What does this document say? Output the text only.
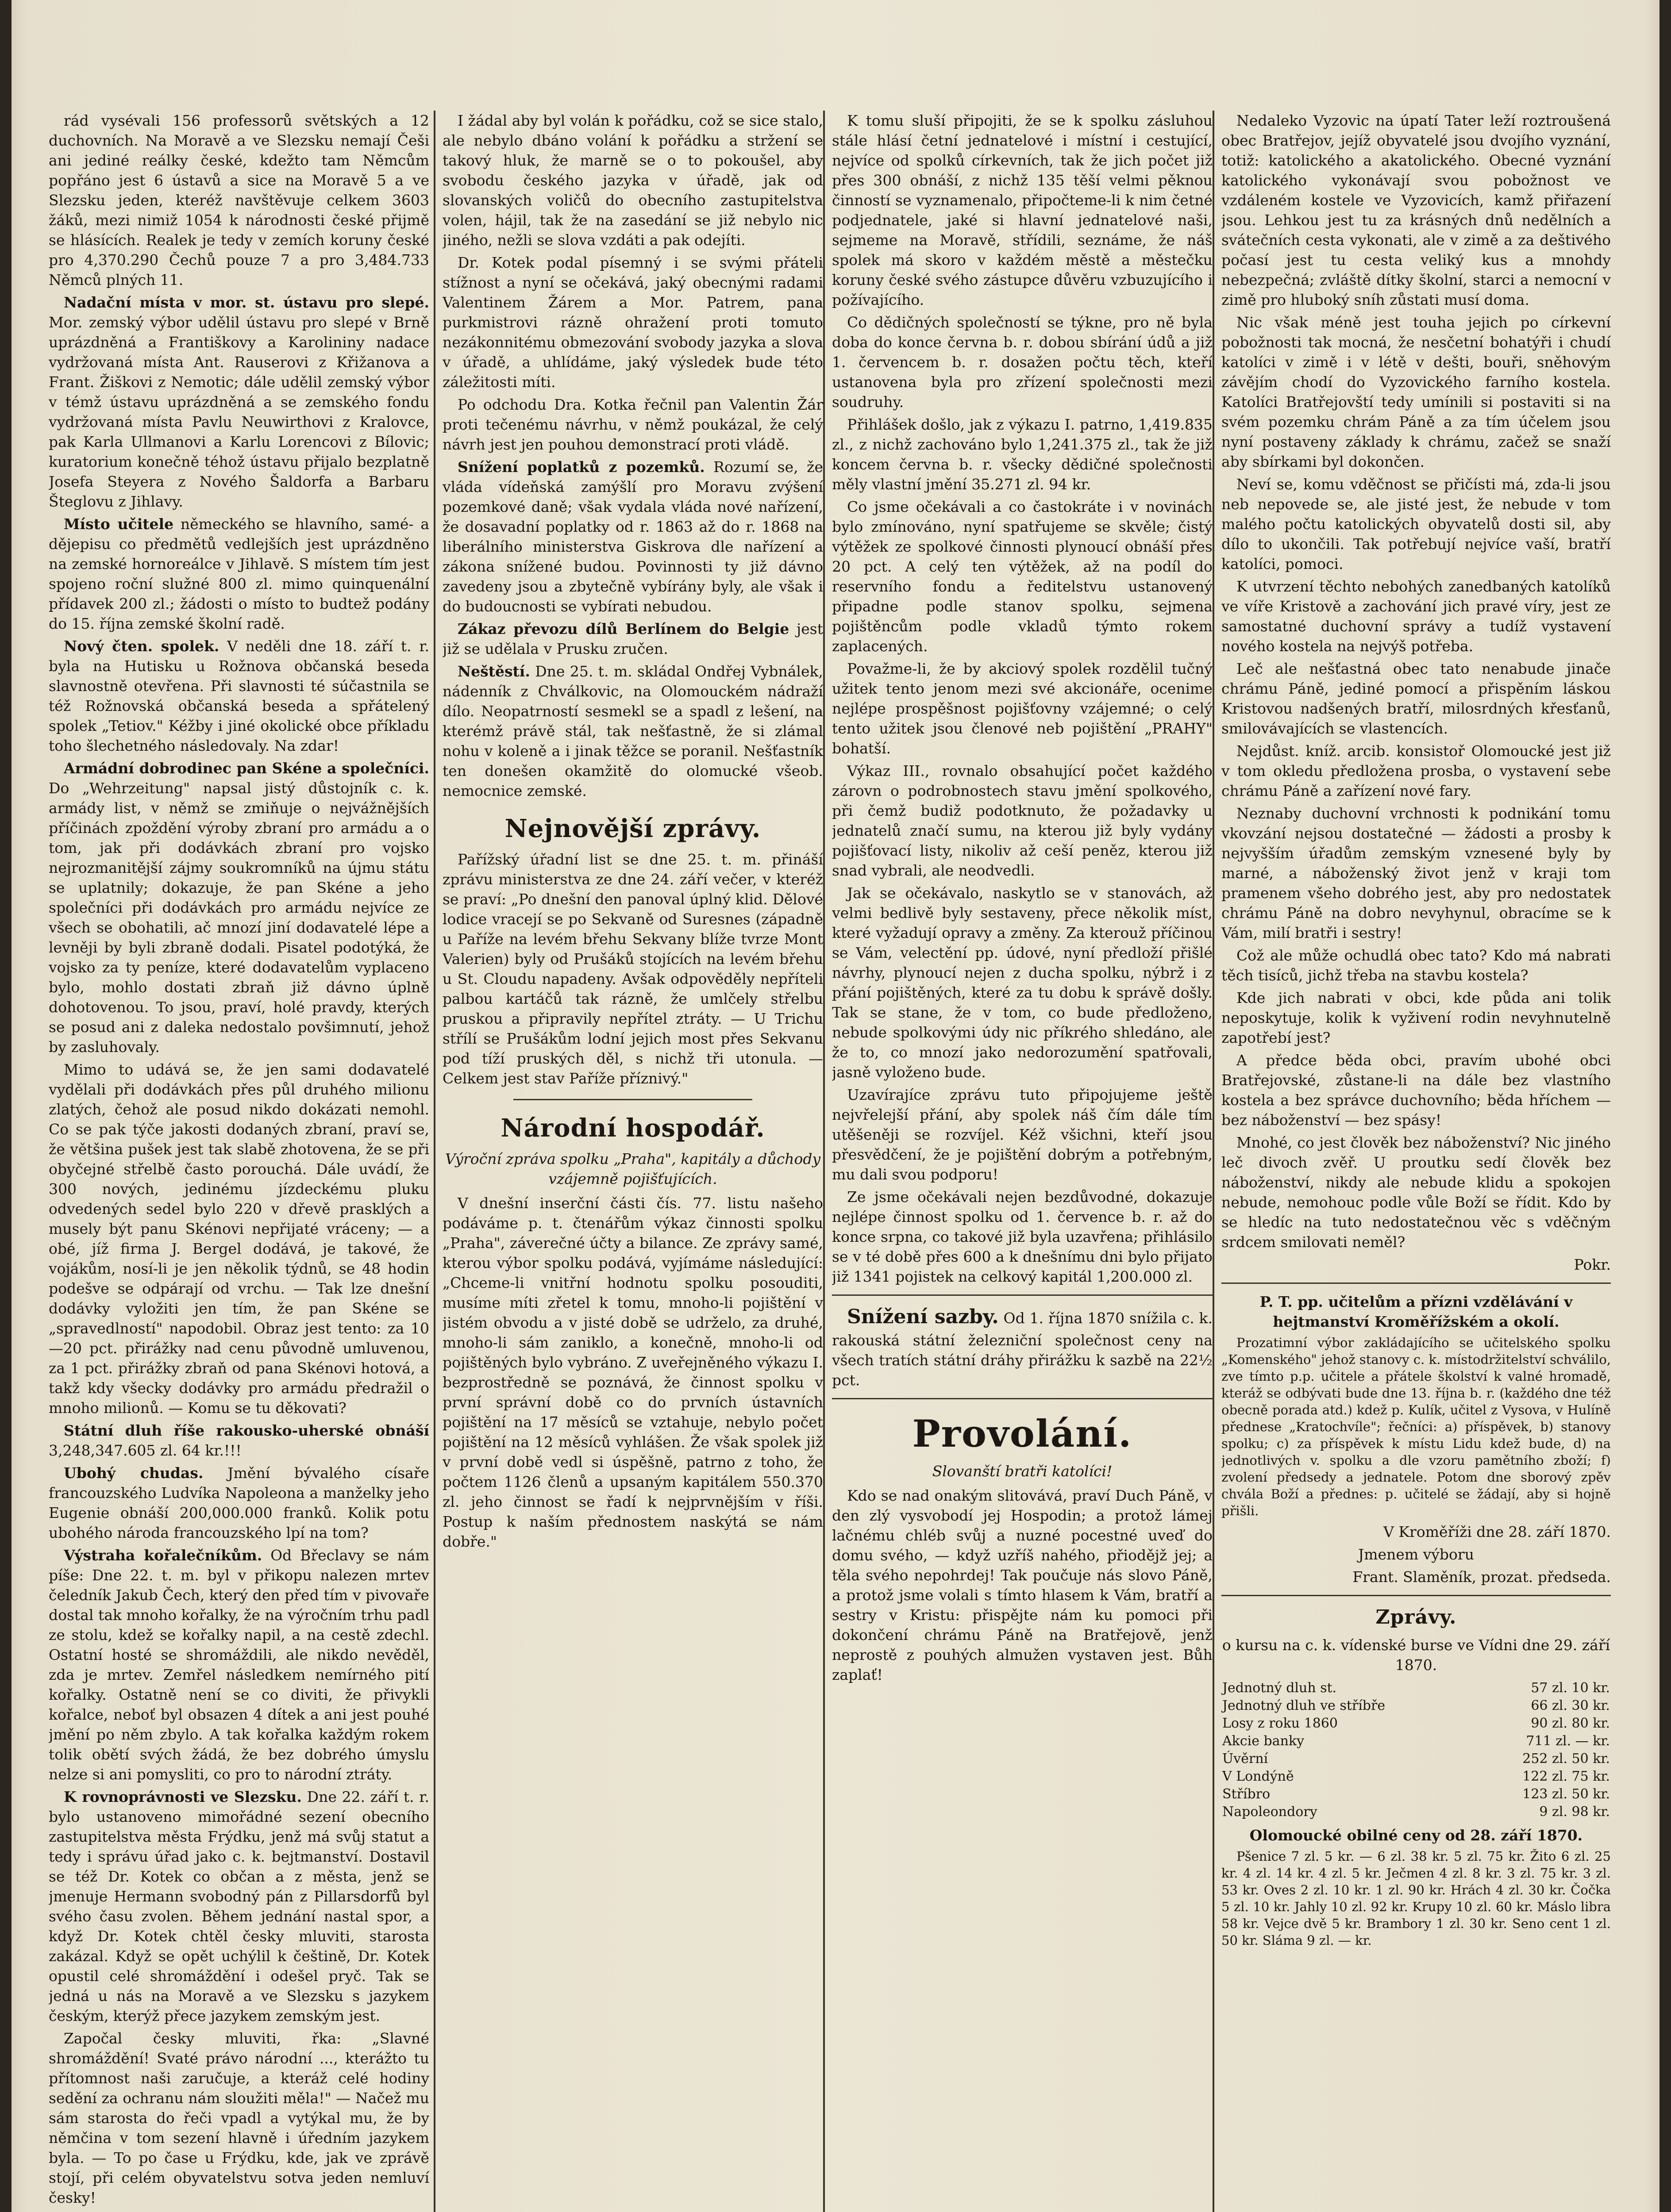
rád vysévali 156 professorů světských a 12 duchovních. Na Moravě a ve Slezsku nemají Češi ani jediné reálky české, kdežto tam Němcům popřáno jest 6 ústavů a sice na Moravě 5 a ve Slezsku jeden, kteréž navštěvuje celkem 3603 žáků, mezi nimiž 1054 k národnosti české přijmě se hlásících. Realek je tedy v zemích koruny české pro 4,370.290 Čechů pouze 7 a pro 3,484.733 Němců plných 11.

Nadační místa v mor. st. ústavu pro slepé. Mor. zemský výbor udělil ústavu pro slepé v Brně uprázdněná a Františkovy a Karolininy nadace vydržovaná místa Ant. Rauserovi z Křižanova a Frant. Žiškovi z Nemotic; dále udělil zemský výbor v témž ústavu uprázdněná a se zemského fondu vydržovaná místa Pavlu Neuwirthovi z Kralovce, pak Karla Ullmanovi a Karlu Lorencovi z Bílovic; kuratorium konečně téhož ústavu přijalo bezplatně Josefa Steyera z Nového Šaldorfa a Barbaru Šteglovu z Jihlavy.

Místo učitele německého se hlavního, samé- a dějepisu co předmětů vedlejších jest uprázdněno na zemské hornoreálce v Jihlavě. S místem tím jest spojeno roční služné 800 zl. mimo quinquenální přídavek 200 zl.; žádosti o místo to budtež podány do 15. října zemské školní radě.

Nový čten. spolek. V neděli dne 18. září t. r. byla na Hutisku u Rožnova občanská beseda slavnostně otevřena. Při slavnosti té súčastnila se též Rožnovská občanská beseda a spřátelený spolek „Tetiov." Kéžby i jiné okolické obce příkladu toho šlechetného následovaly. Na zdar!

Armádní dobrodinec pan Skéne a společníci. Do „Wehrzeitung" napsal jistý důstojník c. k. armády list, v němž se zmiňuje o nejvážnějších příčinách zpoždění výroby zbraní pro armádu a o tom, jak při dodávkách zbraní pro vojsko nejrozmanitější zájmy soukromníků na újmu státu se uplatnily; dokazuje, že pan Skéne a jeho společníci při dodávkách pro armádu nejvíce ze všech se obohatili, ač mnozí jiní dodavatelé lépe a levněji by byli zbraně dodali. Pisatel podotýká, že vojsko za ty peníze, které dodavatelům vyplaceno bylo, mohlo dostati zbraň již dávno úplně dohotovenou. To jsou, praví, holé pravdy, kterých se posud ani z daleka nedostalo povšimnutí, jehož by zasluhovaly.

Mimo to udává se, že jen sami dodavatelé vydělali při dodávkách přes půl druhého milionu zlatých, čehož ale posud nikdo dokázati nemohl. Co se pak týče jakosti dodaných zbraní, praví se, že většina pušek jest tak slabě zhotovena, že se při obyčejné střelbě často porouchá. Dále uvádí, že 300 nových, jedinému jízdeckému pluku odvedených sedel bylo 220 v dřevě prasklých a musely být panu Skénovi nepřijaté vráceny; — a obé, jíž firma J. Bergel dodává, je takové, že vojákům, nosí-li je jen několik týdnů, se 48 hodin podešve se odpárají od vrchu. — Tak lze dnešní dodávky vyložiti jen tím, že pan Skéne se „spravedlností" napodobil. Obraz jest tento: za 10—20 pct. přirážky nad cenu původně umluvenou, za 1 pct. přirážky zbraň od pana Skénovi hotová, a takž kdy všecky dodávky pro armádu předražil o mnoho milionů. — Komu se tu děkovati?

Státní dluh říše rakousko-uherské obnáší 3,248,347.605 zl. 64 kr.!!!

Ubohý chudas. Jmění bývalého císaře francouzského Ludvíka Napoleona a manželky jeho Eugenie obnáší 200,000.000 franků. Kolik potu ubohého národa francouzského lpí na tom?

Výstraha kořalečníkům. Od Břeclavy se nám píše: Dne 22. t. m. byl v přikopu nalezen mrtev čeledník Jakub Čech, který den před tím v pivovaře dostal tak mnoho kořalky, že na výročním trhu padl ze stolu, kdež se kořalky napil, a na cestě zdechl. Ostatní hosté se shromáždili, ale nikdo nevěděl, zda je mrtev. Zemřel následkem nemírného pití kořalky. Ostatně není se co diviti, že přivykli kořalce, neboť byl obsazen 4 dítek a ani jest pouhé jmění po něm zbylo. A tak kořalka každým rokem tolik obětí svých žádá, že bez dobrého úmyslu nelze si ani pomysliti, co pro to národní ztráty.

K rovnoprávnosti ve Slezsku. Dne 22. září t. r. bylo ustanoveno mimořádné sezení obecního zastupitelstva města Frýdku, jenž má svůj statut a tedy i správu úřad jako c. k. bejtmanství. Dostavil se též Dr. Kotek co občan a z města, jenž se jmenuje Hermann svobodný pán z Pillarsdorfů byl svého času zvolen. Během jednání nastal spor, a když Dr. Kotek chtěl česky mluviti, starosta zakázal. Když se opět uchýlil k češtině, Dr. Kotek opustil celé shromáždění i odešel pryč. Tak se jedná u nás na Moravě a ve Slezsku s jazykem českým, kterýž přece jazykem zemským jest.

Započal česky mluviti, řka: „Slavné shromáždění! Svaté právo národní ..., kterážto tu přítomnost naši zaručuje, a kteráž celé hodiny sedění za ochranu nám sloužiti měla!" — Načež mu sám starosta do řeči vpadl a vytýkal mu, že by němčina v tom sezení hlavně i úředním jazykem byla. — To po čase u Frýdku, kde, jak ve zprávě stojí, při celém obyvatelstvu sotva jeden nemluví česky!

I žádal aby byl volán k pořádku, což se sice stalo, ale nebylo dbáno volání k pořádku a stržení se takový hluk, že marně se o to pokoušel, aby svobodu českého jazyka v úřadě, jak od slovanských voličů do obecního zastupitelstva volen, hájil, tak že na zasedání se již nebylo nic jiného, nežli se slova vzdáti a pak odejíti.

Dr. Kotek podal písemný i se svými přáteli stížnost a nyní se očekává, jaký obecnými radami Valentinem Žárem a Mor. Patrem, pana purkmistrovi rázně ohražení proti tomuto nezákonnitému obmezování svobody jazyka a slova v úřadě, a uhlídáme, jaký výsledek bude této záležitosti míti.

Po odchodu Dra. Kotka řečnil pan Valentin Žár proti tečenému návrhu, v němž poukázal, že celý návrh jest jen pouhou demonstrací proti vládě.

Snížení poplatků z pozemků. Rozumí se, že vláda vídeňská zamýšlí pro Moravu zvýšení pozemkové daně; však vydala vláda nové nařízení, že dosavadní poplatky od r. 1863 až do r. 1868 na liberálního ministerstva Giskrova dle nařízení a zákona snížené budou. Povinnosti ty již dávno zavedeny jsou a zbytečně vybírány byly, ale však i do budoucnosti se vybírati nebudou.

Zákaz převozu dílů Berlínem do Belgie jest již se udělala v Prusku zručen.

Neštěstí. Dne 25. t. m. skládal Ondřej Vybnálek, nádenník z Chválkovic, na Olomouckém nádraží dílo. Neopatrností sesmekl se a spadl z lešení, na kterémž právě stál, tak nešťastně, že si zlámal nohu v koleně a i jinak těžce se poranil. Nešťastník ten donešen okamžitě do olomucké všeob. nemocnice zemské.

Nejnovější zprávy.

Pařížský úřadní list se dne 25. t. m. přináší zprávu ministerstva ze dne 24. září večer, v kteréž se praví: „Po dnešní den panoval úplný klid. Dělové lodice vracejí se po Sekvaně od Suresnes (západně u Paříže na levém břehu Sekvany blíže tvrze Mont Valerien) byly od Prušáků stojících na levém břehu u St. Cloudu napadeny. Avšak odpověděly nepříteli palbou kartáčů tak rázně, že umlčely střelbu pruskou a připravily nepřítel ztráty. — U Trichu střílí se Prušákům lodní jejich most přes Sekvanu pod tíží pruských děl, s nichž tři utonula. — Celkem jest stav Paříže příznivý."

Národní hospodář.
Výroční zpráva spolku „Praha", kapitály a důchody vzájemně pojišťujících.

V dnešní inserční části čís. 77. listu našeho podáváme p. t. čtenářům výkaz činnosti spolku „Praha", záverečné účty a bilance. Ze zprávy samé, kterou výbor spolku podává, vyjímáme následující: „Chceme-li vnitřní hodnotu spolku posouditi, musíme míti zřetel k tomu, mnoho-li pojištění v jistém obvodu a v jisté době se udrželo, za druhé, mnoho-li sám zaniklo, a konečně, mnoho-li od pojištěných bylo vybráno. Z uveřejněného výkazu I. bezprostředně se poznává, že činnost spolku v první správní době co do prvních ústavních pojištění na 17 měsíců se vztahuje, nebylo počet pojištění na 12 měsíců vyhlášen. Že však spolek již v první době vedl si úspěšně, patrno z toho, že počtem 1126 členů a upsaným kapitálem 550.370 zl. jeho činnost se řadí k nejprvnějším v říši. Postup k naším přednostem naskýtá se nám dobře."

K tomu sluší připojiti, že se k spolku zásluhou stále hlásí četní jednatelové i místní i cestující, nejvíce od spolků církevních, tak že jich počet již přes 300 obnáší, z nichž 135 těší velmi pěknou činností se vyznamenalo, připočteme-li k nim četné podjednatele, jaké si hlavní jednatelové naši, sejmeme na Moravě, střídili, seznáme, že náš spolek má skoro v každém městě a městečku koruny české svého zástupce důvěru vzbuzujícího i požívajícího.

Co dědičných společností se týkne, pro ně byla doba do konce června b. r. dobou sbírání údů a již 1. červencem b. r. dosažen počtu těch, kteří ustanovena byla pro zřízení společnosti mezi soudruhy.

Přihlášek došlo, jak z výkazu I. patrno, 1,419.835 zl., z nichž zachováno bylo 1,241.375 zl., tak že již koncem června b. r. všecky dědičné společnosti měly vlastní jmění 35.271 zl. 94 kr.

Co jsme očekávali a co častokráte i v novinách bylo zmínováno, nyní spatřujeme se skvěle; čistý výtěžek ze spolkové činnosti plynoucí obnáší přes 20 pct. A celý ten výtěžek, až na podíl do reservního fondu a ředitelstvu ustanovený připadne podle stanov spolku, sejmena pojištěncům podle vkladů týmto rokem zaplacených.

Považme-li, že by akciový spolek rozdělil tučný užitek tento jenom mezi své akcionáře, ocenime nejlépe prospěšnost pojišťovny vzájemné; o celý tento užitek jsou členové neb pojištění „PRAHY" bohatší.

Výkaz III., rovnalo obsahující počet každého zárovn o podrobnostech stavu jmění spolkového, při čemž budiž podotknuto, že požadavky u jednatelů značí sumu, na kterou již byly vydány pojišťovací listy, nikoliv až ceší peněz, kterou již snad vybrali, ale neodvedli.

Jak se očekávalo, naskytlo se v stanovách, až velmi bedlivě byly sestaveny, přece několik míst, které vyžadují opravy a změny. Za kterouž příčinou se Vám, velectění pp. údové, nyní předloží přišlé návrhy, plynoucí nejen z ducha spolku, nýbrž i z přání pojištěných, které za tu dobu k správě došly. Tak se stane, že v tom, co bude předloženo, nebude spolkovými údy nic příkrého shledáno, ale že to, co mnozí jako nedorozumění spatřovali, jasně vyloženo bude.

Uzavírajíce zprávu tuto připojujeme ještě nejvřelejší přání, aby spolek náš čím dále tím utěšeněji se rozvíjel. Kéž všichni, kteří jsou přesvědčení, že je pojištění dobrým a potřebným, mu dali svou podporu!

Ze jsme očekávali nejen bezdůvodné, dokazuje nejlépe činnost spolku od 1. července b. r. až do konce srpna, co takové již byla uzavřena; přihlásilo se v té době přes 600 a k dnešnímu dni bylo přijato již 1341 pojistek na celkový kapitál 1,200.000 zl.

Snížení sazby. Od 1. října 1870 snížila c. k. rakouská státní železniční společnost ceny na všech tratích státní dráhy přirážku k sazbě na 22½ pct.

Provolání.
Slovanští bratři katolíci!

Kdo se nad onakým slitovává, praví Duch Páně, v den zlý vysvobodí jej Hospodin; a protož lámej lačnému chléb svůj a nuzné pocestné uveď do domu svého, — když uzříš nahého, přiodějž jej; a těla svého nepohrdej! Tak poučuje nás slovo Páně, a protož jsme volali s tímto hlasem k Vám, bratří a sestry v Kristu: přispějte nám ku pomoci při dokončení chrámu Páně na Bratřejově, jenž neprostě z pouhých almužen vystaven jest. Bůh zaplať!

Nedaleko Vyzovic na úpatí Tater leží roztroušená obec Bratřejov, jejíž obyvatelé jsou dvojího vyznání, totiž: katolického a akatolického. Obecné vyznání katolického vykonávají svou pobožnost ve vzdáleném kostele ve Vyzovicích, kamž přiřazení jsou. Lehkou jest tu za krásných dnů nedělních a svátečních cesta vykonati, ale v zimě a za deštivého počasí jest tu cesta veliký kus a mnohdy nebezpečná; zvláště dítky školní, starci a nemocní v zimě pro hluboký sníh zůstati musí doma.

Nic však méně jest touha jejich po církevní pobožnosti tak mocná, že nesčetní bohatýři i chudí katolíci v zimě i v létě v dešti, bouři, sněhovým závějím chodí do Vyzovického farního kostela. Katolíci Bratřejovští tedy umínili si postaviti si na svém pozemku chrám Páně a za tím účelem jsou nyní postaveny základy k chrámu, začež se snaží aby sbírkami byl dokončen.

Neví se, komu vděčnost se přičísti má, zda-li jsou neb nepovede se, ale jisté jest, že nebude v tom malého počtu katolických obyvatelů dosti sil, aby dílo to ukončili. Tak potřebují nejvíce vaší, bratří katolíci, pomoci.

K utvrzení těchto nebohých zanedbaných katolíků ve víře Kristově a zachování jich pravé víry, jest ze samostatné duchovní správy a tudíž vystavení nového kostela na nejvýš potřeba.

Leč ale nešťastná obec tato nenabude jinače chrámu Páně, jediné pomocí a přispěním láskou Kristovou nadšených bratří, milosrdných křesťanů, smilovávajících se vlastencích.

Nejdůst. kníž. arcib. konsistoř Olomoucké jest již v tom okledu předložena prosba, o vystavení sebe chrámu Páně a zařízení nové fary.

Neznaby duchovní vrchnosti k podnikání tomu vkovzání nejsou dostatečné — žádosti a prosby k nejvyšším úřadům zemským vznesené byly by marné, a náboženský život jenž v kraji tom pramenem všeho dobrého jest, aby pro nedostatek chrámu Páně na dobro nevyhynul, obracíme se k Vám, milí bratři i sestry!

Což ale může ochudlá obec tato? Kdo má nabrati těch tisíců, jichž třeba na stavbu kostela?

Kde jich nabrati v obci, kde půda ani tolik neposkytuje, kolik k vyživení rodin nevyhnutelně zapotřebí jest?

A předce běda obci, pravím ubohé obci Bratřejovské, zůstane-li na dále bez vlastního kostela a bez správce duchovního; běda hříchem — bez náboženství — bez spásy!

Mnohé, co jest člověk bez náboženství? Nic jiného leč divoch zvěř. U proutku sedí člověk bez náboženství, nikdy ale nebude klidu a spokojen nebude, nemohouc podle vůle Boží se řídit. Kdo by se hledíc na tuto nedostatečnou věc s vděčným srdcem smilovati neměl?

Pokr.

P. T. pp. učitelům a přízni vzdělávání v hejtmanství Kroměřížském a okolí.

Prozatimní výbor zakládajícího se učitelského spolku „Komenského" jehož stanovy c. k. místodržitelství schválilo, zve tímto p.p. učitele a přátele školství k valné hromadě, kteráž se odbývati bude dne 13. října b. r. (každého dne též obecně porada atd.) kdež p. Kulík, učitel z Vysova, v Hulíně přednese „Kratochvíle"; řečníci: a) příspěvek, b) stanovy spolku; c) za příspěvek k místu Lidu kdež bude, d) na jednotlivých v. spolku a dle vzoru pamětního zboží; f) zvolení předsedy a jednatele. Potom dne sborový zpěv chvála Boží a přednes: p. učitelé se žádají, aby si hojně přišli.

V Kroměříži dne 28. září 1870.

Jmenem výboru

Frant. Slaměník, prozat. předseda.

Zprávy.
o kursu na c. k. vídenské burse ve Vídni dne 29. září 1870.
Jednotný dluh st.	57 zl. 10 kr.
Jednotný dluh ve stříbře	66 zl. 30 kr.
Losy z roku 1860	90 zl. 80 kr.
Akcie banky	711 zl. — kr.
Úvěrní	252 zl. 50 kr.
V Londýně	122 zl. 75 kr.
Stříbro	123 zl. 50 kr.
Napoleondory	9 zl. 98 kr.

Olomoucké obilné ceny od 28. září 1870.

Pšenice 7 zl. 5 kr. — 6 zl. 38 kr. 5 zl. 75 kr. Žito 6 zl. 25 kr. 4 zl. 14 kr. 4 zl. 5 kr. Ječmen 4 zl. 8 kr. 3 zl. 75 kr. 3 zl. 53 kr. Oves 2 zl. 10 kr. 1 zl. 90 kr. Hrách 4 zl. 30 kr. Čočka 5 zl. 10 kr. Jahly 10 zl. 92 kr. Krupy 10 zl. 60 kr. Máslo libra 58 kr. Vejce dvě 5 kr. Brambory 1 zl. 30 kr. Seno cent 1 zl. 50 kr. Sláma 9 zl. — kr.
